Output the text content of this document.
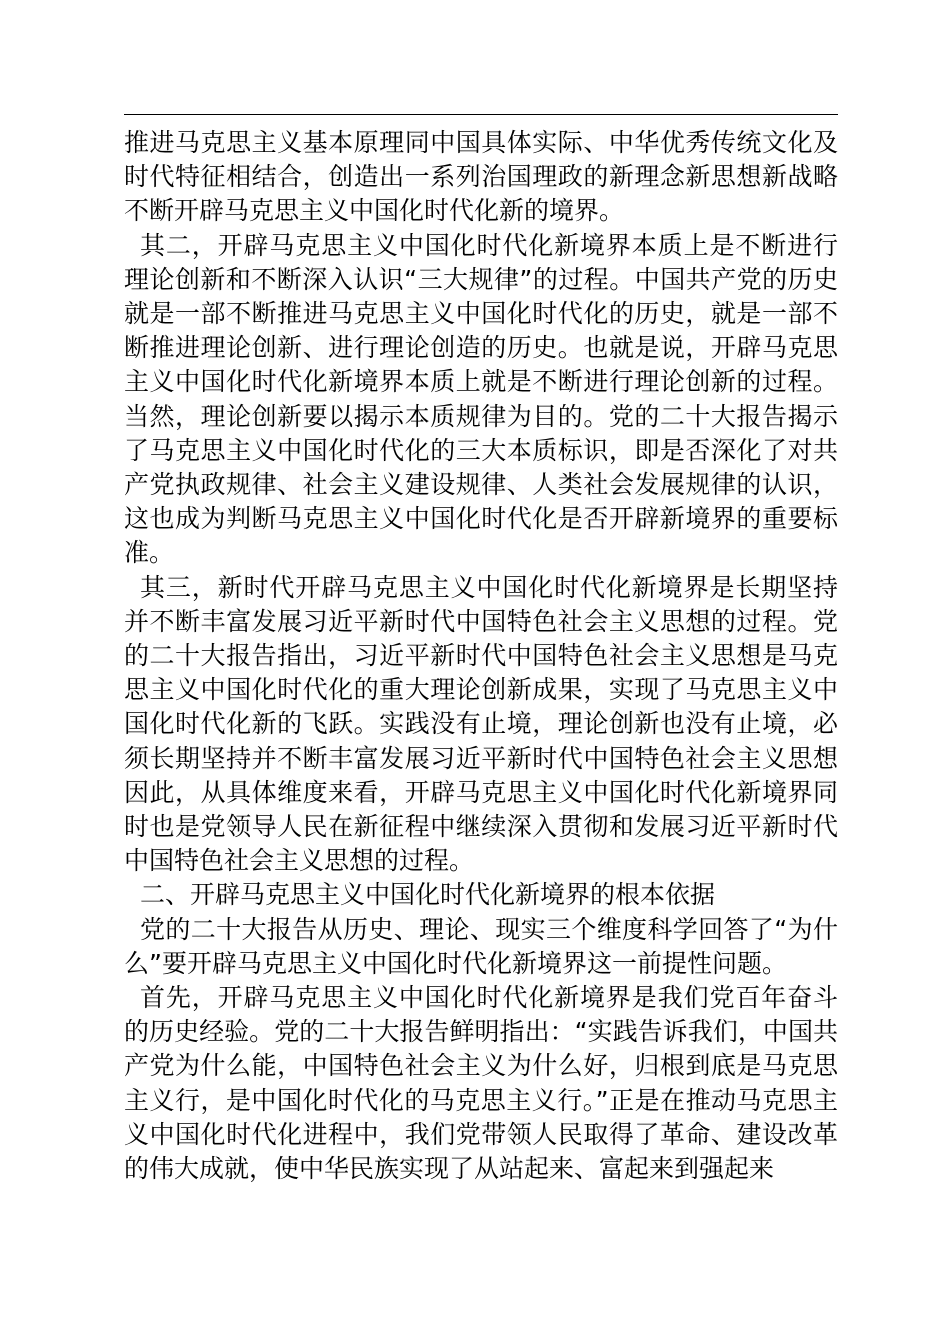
推进马克思主义基本原理同中国具体实际、中华优秀传统文化及时代特征相结合，创造出一系列治国理政的新理念新思想新战略不断开辟马克思主义中国化时代化新的境界。

其二，开辟马克思主义中国化时代化新境界本质上是不断进行理论创新和不断深入认识“三大规律”的过程。中国共产党的历史就是一部不断推进马克思主义中国化时代化的历史，就是一部不断推进理论创新、进行理论创造的历史。也就是说，开辟马克思主义中国化时代化新境界本质上就是不断进行理论创新的过程。当然，理论创新要以揭示本质规律为目的。党的二十大报告揭示了马克思主义中国化时代化的三大本质标识，即是否深化了对共产党执政规律、社会主义建设规律、人类社会发展规律的认识，这也成为判断马克思主义中国化时代化是否开辟新境界的重要标准。

其三，新时代开辟马克思主义中国化时代化新境界是长期坚持并不断丰富发展习近平新时代中国特色社会主义思想的过程。党的二十大报告指出，习近平新时代中国特色社会主义思想是马克思主义中国化时代化的重大理论创新成果，实现了马克思主义中国化时代化新的飞跃。实践没有止境，理论创新也没有止境，必须长期坚持并不断丰富发展习近平新时代中国特色社会主义思想因此，从具体维度来看，开辟马克思主义中国化时代化新境界同时也是党领导人民在新征程中继续深入贯彻和发展习近平新时代中国特色社会主义思想的过程。

二、开辟马克思主义中国化时代化新境界的根本依据

党的二十大报告从历史、理论、现实三个维度科学回答了“为什么”要开辟马克思主义中国化时代化新境界这一前提性问题。

首先，开辟马克思主义中国化时代化新境界是我们党百年奋斗的历史经验。党的二十大报告鲜明指出：“实践告诉我们，中国共产党为什么能，中国特色社会主义为什么好，归根到底是马克思主义行，是中国化时代化的马克思主义行。”正是在推动马克思主义中国化时代化进程中，我们党带领人民取得了革命、建设改革的伟大成就，使中华民族实现了从站起来、富起来到强起来
